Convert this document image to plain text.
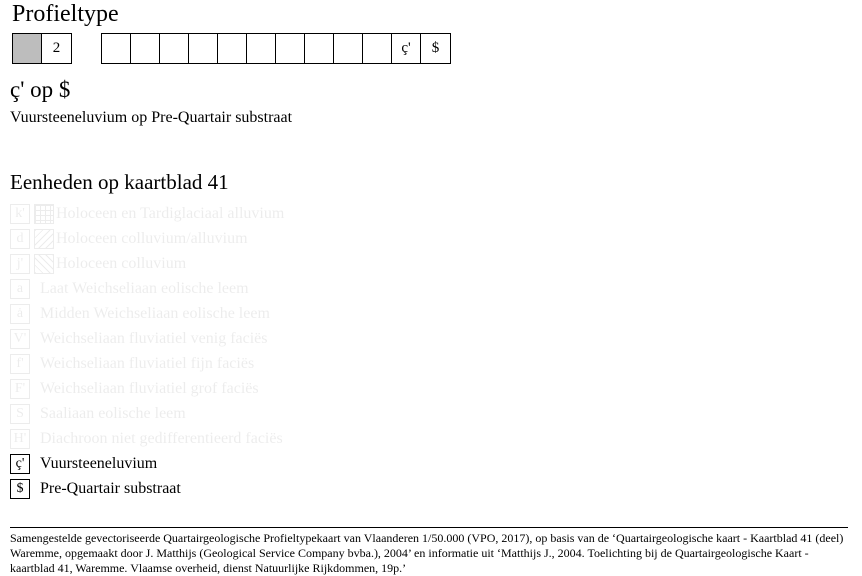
Profieltype
2	ç'	$
ç' op $
Vuursteeneluvium op Pre-Quartair substraat
Eenheden op kaartblad 41
k'	Holoceen en Tardiglaciaal alluvium
d	Holoceen colluvium/alluvium
j'	Holoceen colluvium
a	Laat Weichseliaan eolische leem
ȧ	Midden Weichseliaan eolische leem
V' Weichseliaan fluviatiel venig faciës
f'	Weichseliaan fluviatiel fijn faciës
F' Weichseliaan fluviatiel grof faciës
S	Saaliaan eolische leem
H' Diachroon niet gedifferentieerd faciës
ç' Vuursteeneluvium
$	Pre-Quartair substraat
Samengestelde gevectoriseerde Quartairgeologische Profieltypekaart van Vlaanderen 1/50.000 (VPO, 2017), op basis van de ‘Quartairgeologische kaart - Kaartblad 41 (deel) Waremme, opgemaakt door J. Matthijs (Geological Service Company bvba.), 2004’ en informatie uit ‘Matthijs J., 2004. Toelichting bij de Quartairgeologische Kaart - kaartblad 41, Waremme. Vlaamse overheid, dienst Natuurlijke Rijkdommen, 19p.’
